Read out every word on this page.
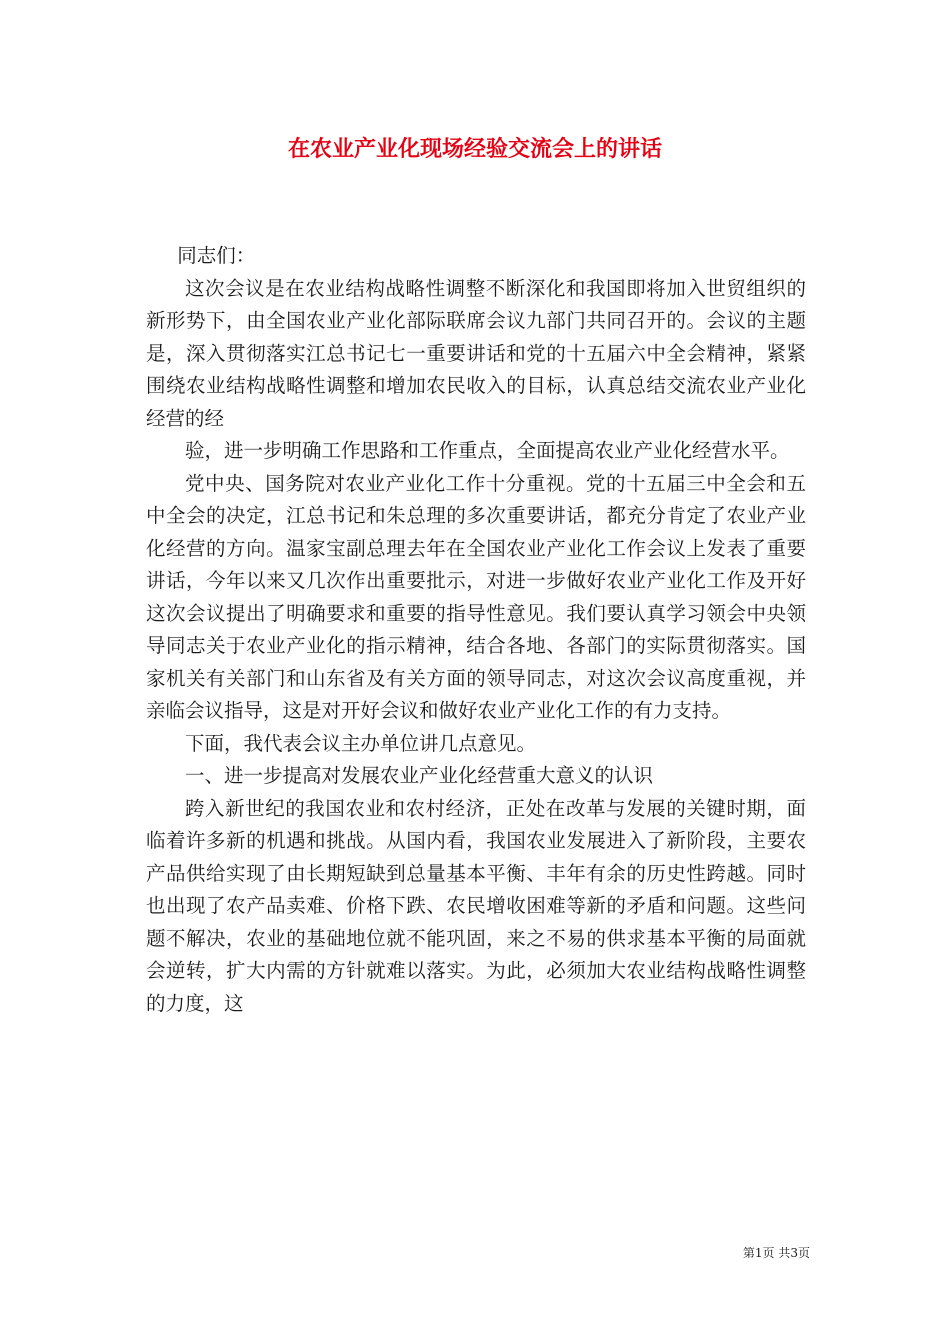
在农业产业化现场经验交流会上的讲话

同志们：

这次会议是在农业结构战略性调整不断深化和我国即将加入世贸组织的新形势下，由全国农业产业化部际联席会议九部门共同召开的。会议的主题是，深入贯彻落实江总书记七一重要讲话和党的十五届六中全会精神，紧紧围绕农业结构战略性调整和增加农民收入的目标，认真总结交流农业产业化经营的经

验，进一步明确工作思路和工作重点，全面提高农业产业化经营水平。

党中央、国务院对农业产业化工作十分重视。党的十五届三中全会和五中全会的决定，江总书记和朱总理的多次重要讲话，都充分肯定了农业产业化经营的方向。温家宝副总理去年在全国农业产业化工作会议上发表了重要讲话，今年以来又几次作出重要批示，对进一步做好农业产业化工作及开好这次会议提出了明确要求和重要的指导性意见。我们要认真学习领会中央领导同志关于农业产业化的指示精神，结合各地、各部门的实际贯彻落实。国家机关有关部门和山东省及有关方面的领导同志，对这次会议高度重视，并亲临会议指导，这是对开好会议和做好农业产业化工作的有力支持。

下面，我代表会议主办单位讲几点意见。

一、进一步提高对发展农业产业化经营重大意义的认识

跨入新世纪的我国农业和农村经济，正处在改革与发展的关键时期，面临着许多新的机遇和挑战。从国内看，我国农业发展进入了新阶段，主要农产品供给实现了由长期短缺到总量基本平衡、丰年有余的历史性跨越。同时也出现了农产品卖难、价格下跌、农民增收困难等新的矛盾和问题。这些问题不解决，农业的基础地位就不能巩固，来之不易的供求基本平衡的局面就会逆转，扩大内需的方针就难以落实。为此，必须加大农业结构战略性调整的力度，这

第1页 共3页
